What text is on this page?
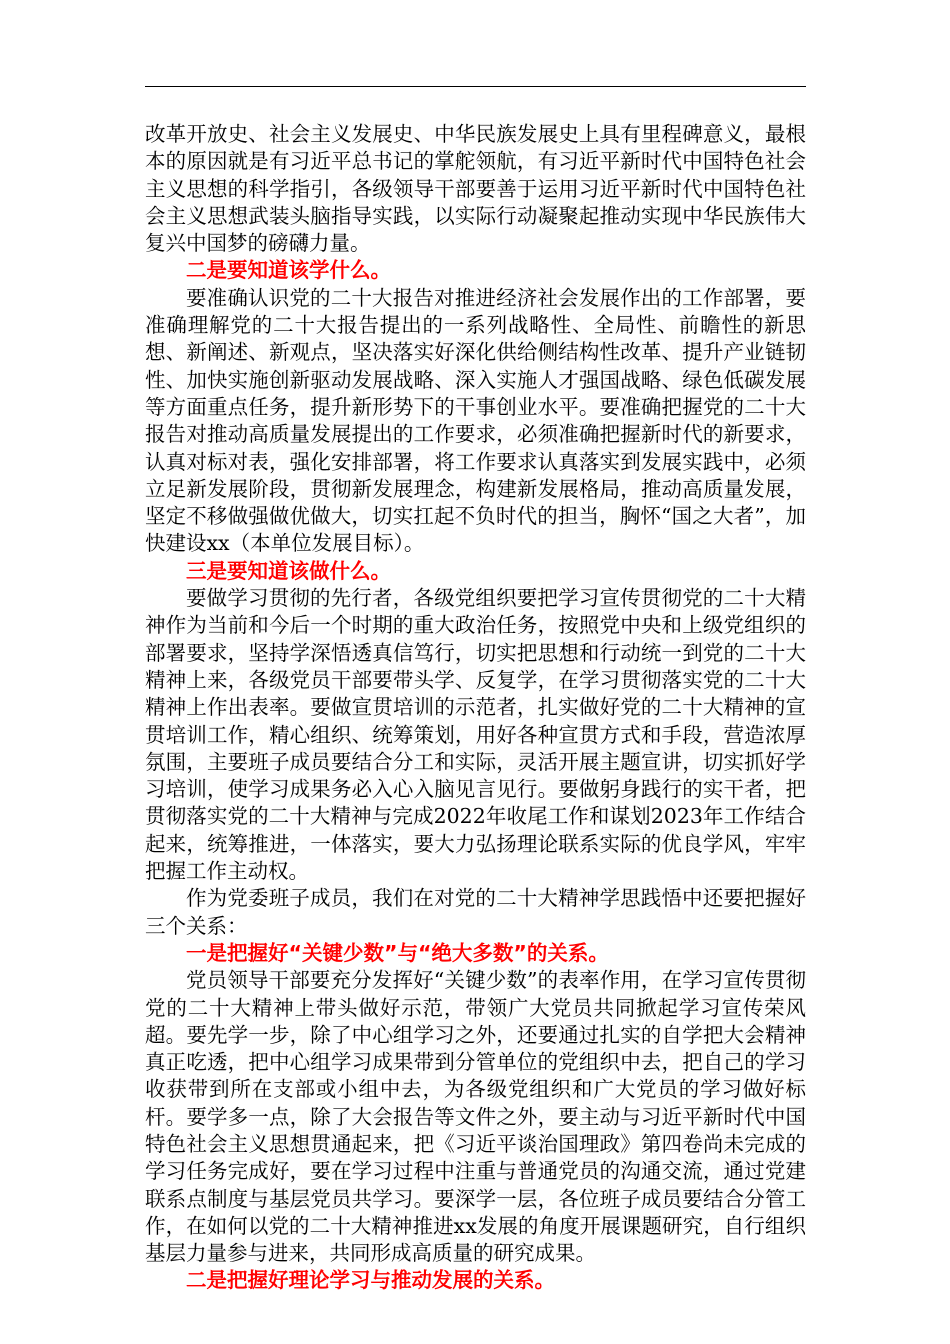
改革开放史、社会主义发展史、中华民族发展史上具有里程碑意义，最根本的原因就是有习近平总书记的掌舵领航，有习近平新时代中国特色社会主义思想的科学指引，各级领导干部要善于运用习近平新时代中国特色社会主义思想武装头脑指导实践，以实际行动凝聚起推动实现中华民族伟大复兴中国梦的磅礴力量。

二是要知道该学什么。

要准确认识党的二十大报告对推进经济社会发展作出的工作部署，要准确理解党的二十大报告提出的一系列战略性、全局性、前瞻性的新思想、新阐述、新观点，坚决落实好深化供给侧结构性改革、提升产业链韧性、加快实施创新驱动发展战略、深入实施人才强国战略、绿色低碳发展等方面重点任务，提升新形势下的干事创业水平。要准确把握党的二十大报告对推动高质量发展提出的工作要求，必须准确把握新时代的新要求，认真对标对表，强化安排部署，将工作要求认真落实到发展实践中，必须立足新发展阶段，贯彻新发展理念，构建新发展格局，推动高质量发展，坚定不移做强做优做大，切实扛起不负时代的担当，胸怀“国之大者”，加快建设xx（本单位发展目标）。

三是要知道该做什么。

要做学习贯彻的先行者，各级党组织要把学习宣传贯彻党的二十大精神作为当前和今后一个时期的重大政治任务，按照党中央和上级党组织的部署要求，坚持学深悟透真信笃行，切实把思想和行动统一到党的二十大精神上来，各级党员干部要带头学、反复学，在学习贯彻落实党的二十大精神上作出表率。要做宣贯培训的示范者，扎实做好党的二十大精神的宣贯培训工作，精心组织、统筹策划，用好各种宣贯方式和手段，营造浓厚氛围，主要班子成员要结合分工和实际，灵活开展主题宣讲，切实抓好学习培训，使学习成果务必入心入脑见言见行。要做躬身践行的实干者，把贯彻落实党的二十大精神与完成2022年收尾工作和谋划2023年工作结合起来，统筹推进，一体落实，要大力弘扬理论联系实际的优良学风，牢牢把握工作主动权。

作为党委班子成员，我们在对党的二十大精神学思践悟中还要把握好三个关系：

一是把握好“关键少数”与“绝大多数”的关系。

党员领导干部要充分发挥好“关键少数”的表率作用，在学习宣传贯彻党的二十大精神上带头做好示范，带领广大党员共同掀起学习宣传荣风超。要先学一步，除了中心组学习之外，还要通过扎实的自学把大会精神真正吃透，把中心组学习成果带到分管单位的党组织中去，把自己的学习收获带到所在支部或小组中去，为各级党组织和广大党员的学习做好标杆。要学多一点，除了大会报告等文件之外，要主动与习近平新时代中国特色社会主义思想贯通起来，把《习近平谈治国理政》第四卷尚未完成的学习任务完成好，要在学习过程中注重与普通党员的沟通交流，通过党建联系点制度与基层党员共学习。要深学一层，各位班子成员要结合分管工作，在如何以党的二十大精神推进xx发展的角度开展课题研究，自行组织基层力量参与进来，共同形成高质量的研究成果。

二是把握好理论学习与推动发展的关系。
